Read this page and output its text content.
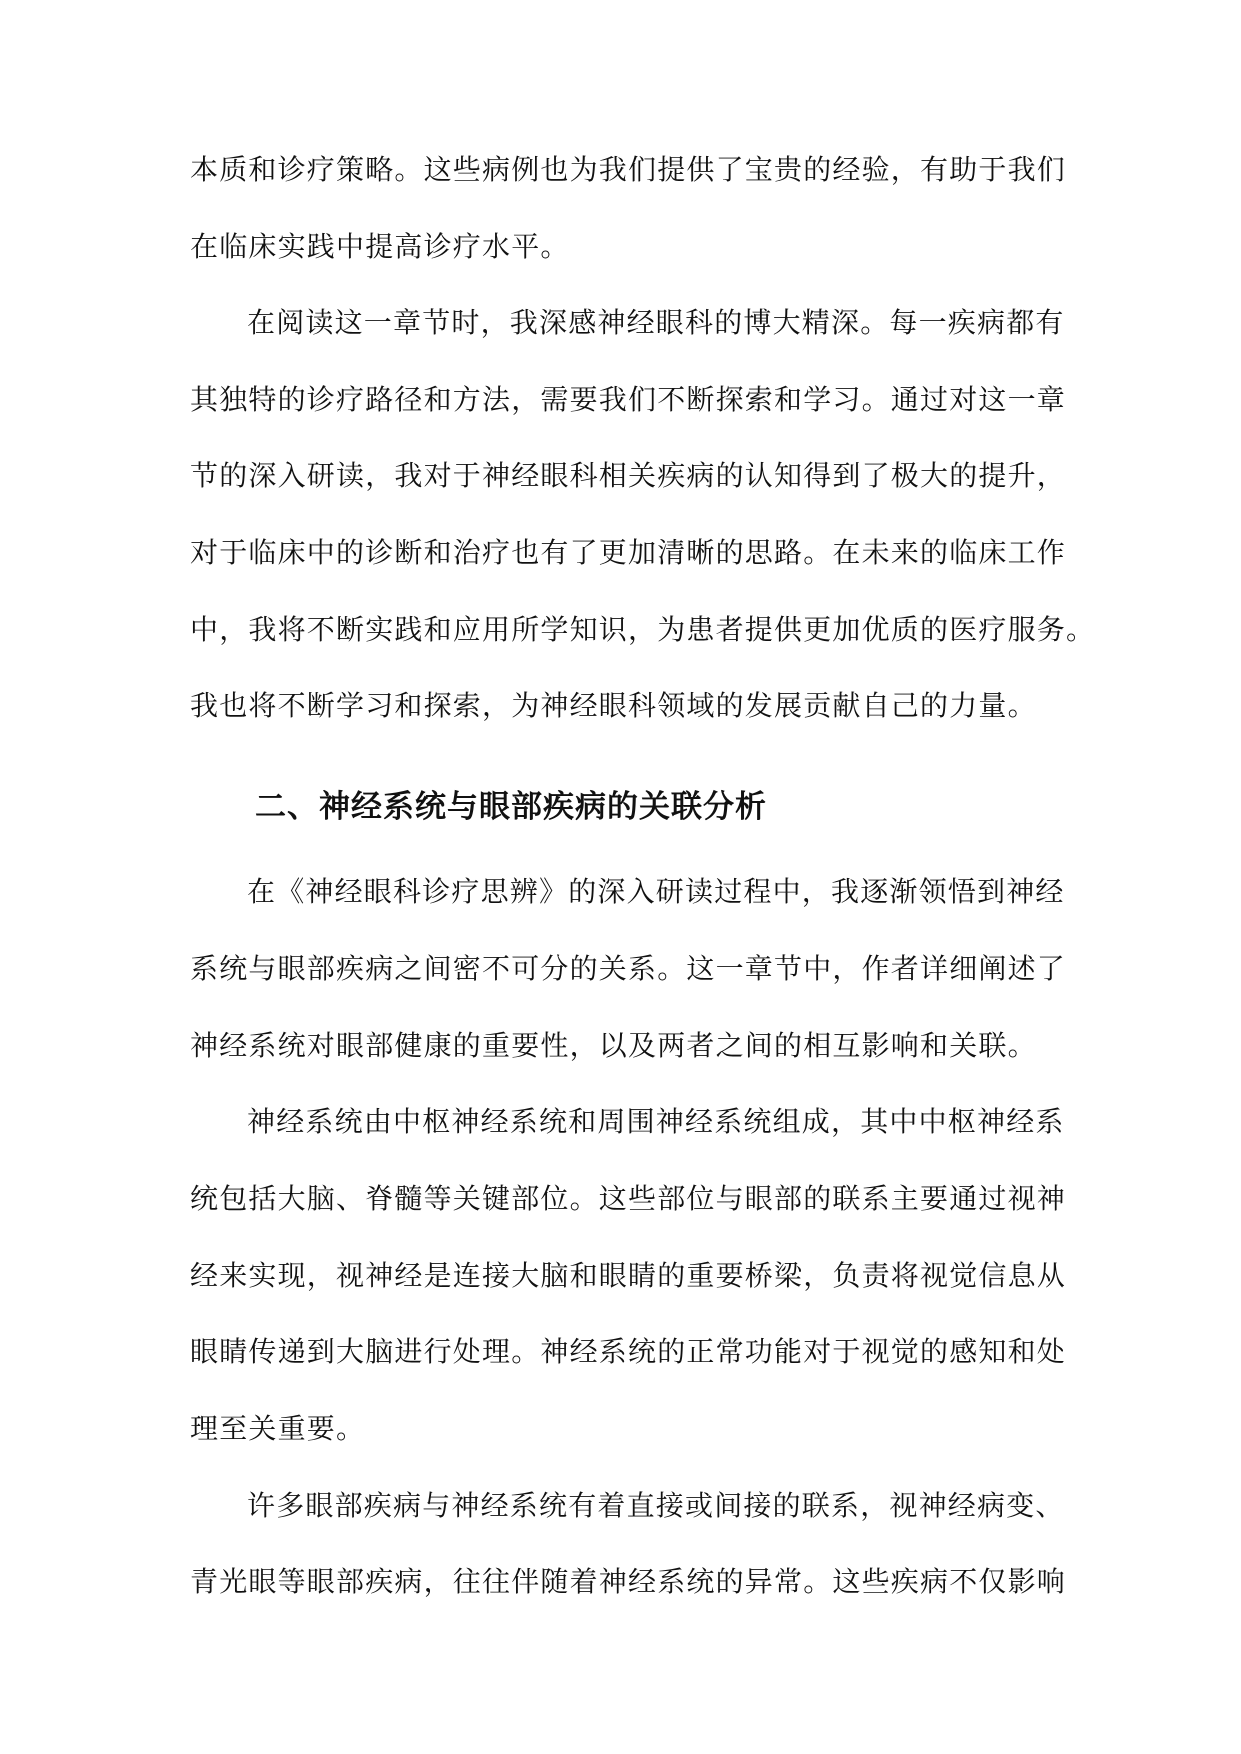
本质和诊疗策略。这些病例也为我们提供了宝贵的经验，有助于我们
在临床实践中提高诊疗水平。
在阅读这一章节时，我深感神经眼科的博大精深。每一疾病都有
其独特的诊疗路径和方法，需要我们不断探索和学习。通过对这一章
节的深入研读，我对于神经眼科相关疾病的认知得到了极大的提升，
对于临床中的诊断和治疗也有了更加清晰的思路。在未来的临床工作
中，我将不断实践和应用所学知识，为患者提供更加优质的医疗服务。
我也将不断学习和探索，为神经眼科领域的发展贡献自己的力量。
二、神经系统与眼部疾病的关联分析
在《神经眼科诊疗思辨》的深入研读过程中，我逐渐领悟到神经
系统与眼部疾病之间密不可分的关系。这一章节中，作者详细阐述了
神经系统对眼部健康的重要性，以及两者之间的相互影响和关联。
神经系统由中枢神经系统和周围神经系统组成，其中中枢神经系
统包括大脑、脊髓等关键部位。这些部位与眼部的联系主要通过视神
经来实现，视神经是连接大脑和眼睛的重要桥梁，负责将视觉信息从
眼睛传递到大脑进行处理。神经系统的正常功能对于视觉的感知和处
理至关重要。
许多眼部疾病与神经系统有着直接或间接的联系，视神经病变、
青光眼等眼部疾病，往往伴随着神经系统的异常。这些疾病不仅影响
